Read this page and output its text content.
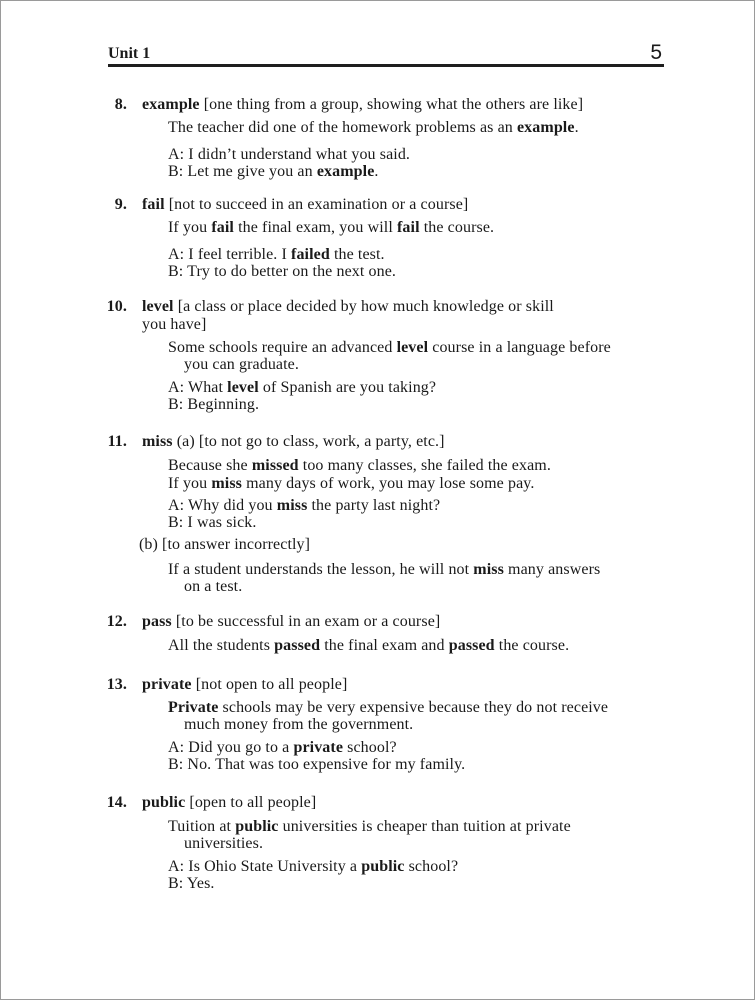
Unit 1	5
8. example [one thing from a group, showing what the others are like]
The teacher did one of the homework problems as an example.
A: I didn’t understand what you said.
B: Let me give you an example.
9. fail [not to succeed in an examination or a course]
If you fail the final exam, you will fail the course.
A: I feel terrible. I failed the test.
B: Try to do better on the next one.
10. level [a class or place decided by how much knowledge or skill
you have]
Some schools require an advanced level course in a language before
you can graduate.
A: What level of Spanish are you taking?
B: Beginning.
11. miss (a) [to not go to class, work, a party, etc.]
Because she missed too many classes, she failed the exam.
If you miss many days of work, you may lose some pay.
A: Why did you miss the party last night?
B: I was sick.
(b) [to answer incorrectly]
If a student understands the lesson, he will not miss many answers
on a test.
12. pass [to be successful in an exam or a course]
All the students passed the final exam and passed the course.
13. private [not open to all people]
Private schools may be very expensive because they do not receive
much money from the government.
A: Did you go to a private school?
B: No. That was too expensive for my family.
14. public [open to all people]
Tuition at public universities is cheaper than tuition at private
universities.
A: Is Ohio State University a public school?
B: Yes.
